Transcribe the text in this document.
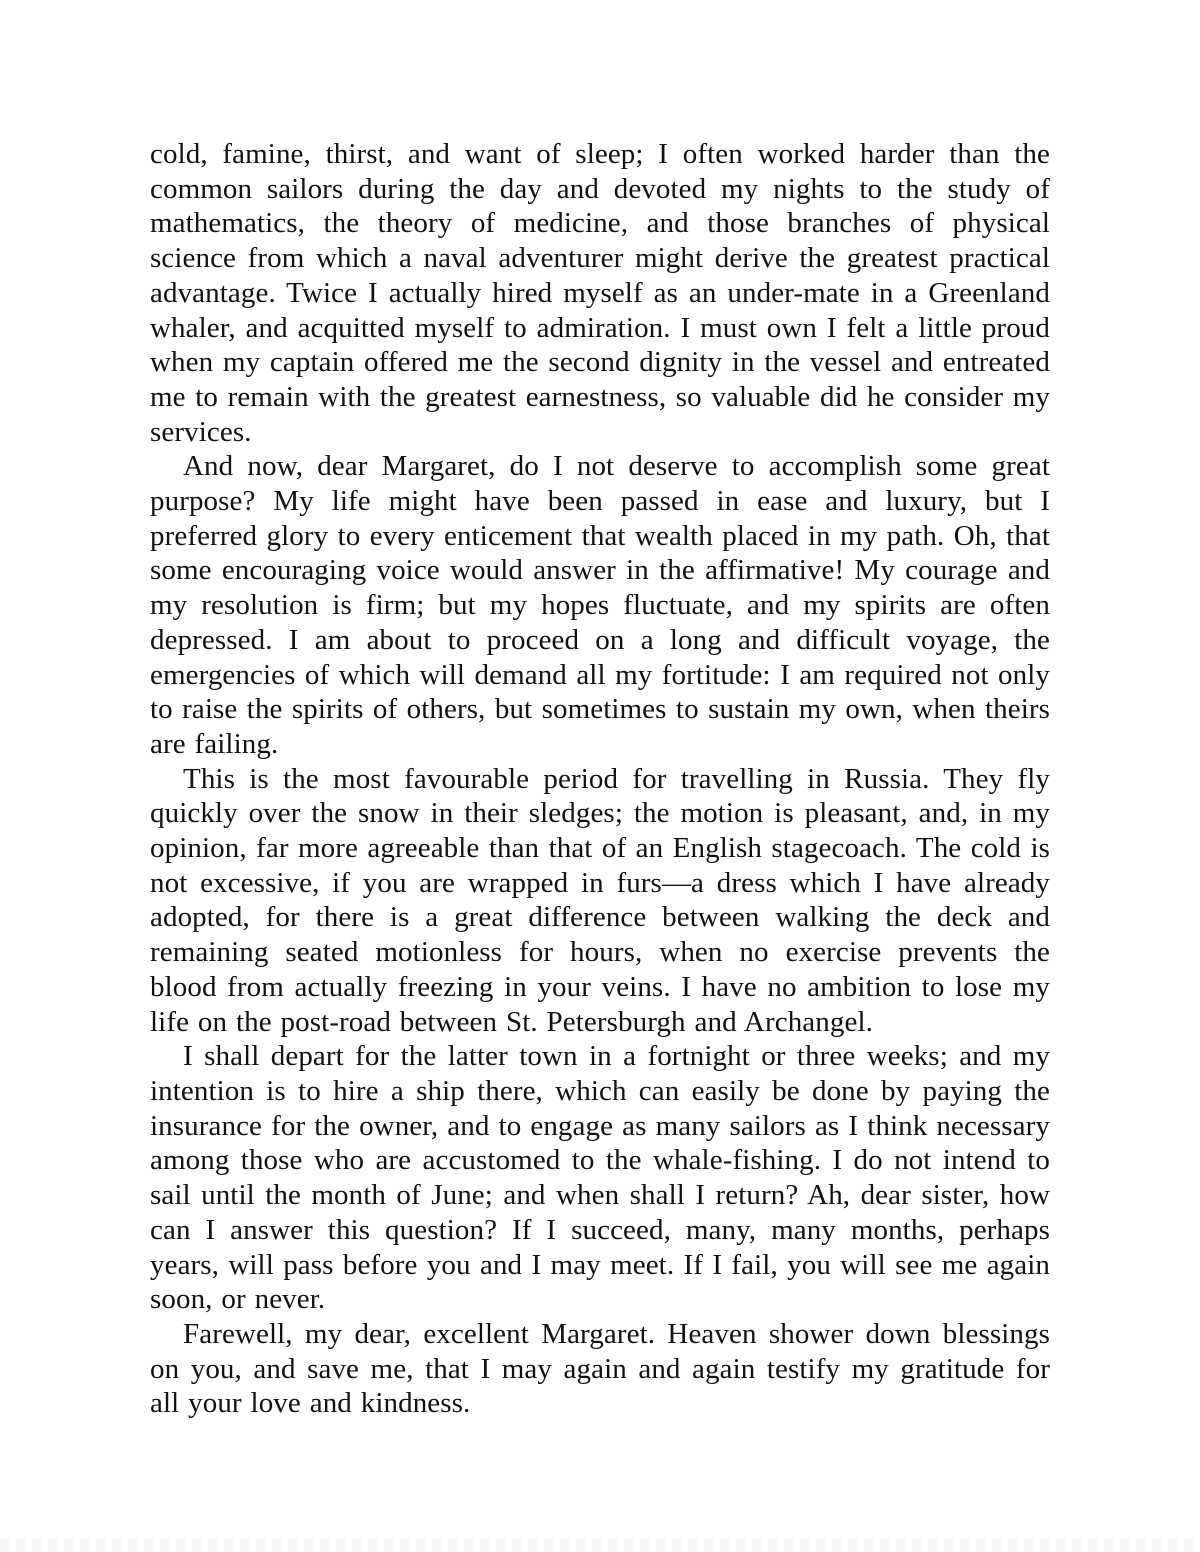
cold, famine, thirst, and want of sleep; I often worked harder than the common sailors during the day and devoted my nights to the study of mathematics, the theory of medicine, and those branches of physical science from which a naval adventurer might derive the greatest practical advantage. Twice I actually hired myself as an under-mate in a Greenland whaler, and acquitted myself to admiration. I must own I felt a little proud when my captain offered me the second dignity in the vessel and entreated me to remain with the greatest earnestness, so valuable did he consider my services.

And now, dear Margaret, do I not deserve to accomplish some great purpose? My life might have been passed in ease and luxury, but I preferred glory to every enticement that wealth placed in my path. Oh, that some encouraging voice would answer in the affirmative! My courage and my resolution is firm; but my hopes fluctuate, and my spirits are often depressed. I am about to proceed on a long and difficult voyage, the emergencies of which will demand all my fortitude: I am required not only to raise the spirits of others, but sometimes to sustain my own, when theirs are failing.

This is the most favourable period for travelling in Russia. They fly quickly over the snow in their sledges; the motion is pleasant, and, in my opinion, far more agreeable than that of an English stagecoach. The cold is not excessive, if you are wrapped in furs—a dress which I have already adopted, for there is a great difference between walking the deck and remaining seated motionless for hours, when no exercise prevents the blood from actually freezing in your veins. I have no ambition to lose my life on the post-road between St. Petersburgh and Archangel.

I shall depart for the latter town in a fortnight or three weeks; and my intention is to hire a ship there, which can easily be done by paying the insurance for the owner, and to engage as many sailors as I think necessary among those who are accustomed to the whale-fishing. I do not intend to sail until the month of June; and when shall I return? Ah, dear sister, how can I answer this question? If I succeed, many, many months, perhaps years, will pass before you and I may meet. If I fail, you will see me again soon, or never.

Farewell, my dear, excellent Margaret. Heaven shower down blessings on you, and save me, that I may again and again testify my gratitude for all your love and kindness.
